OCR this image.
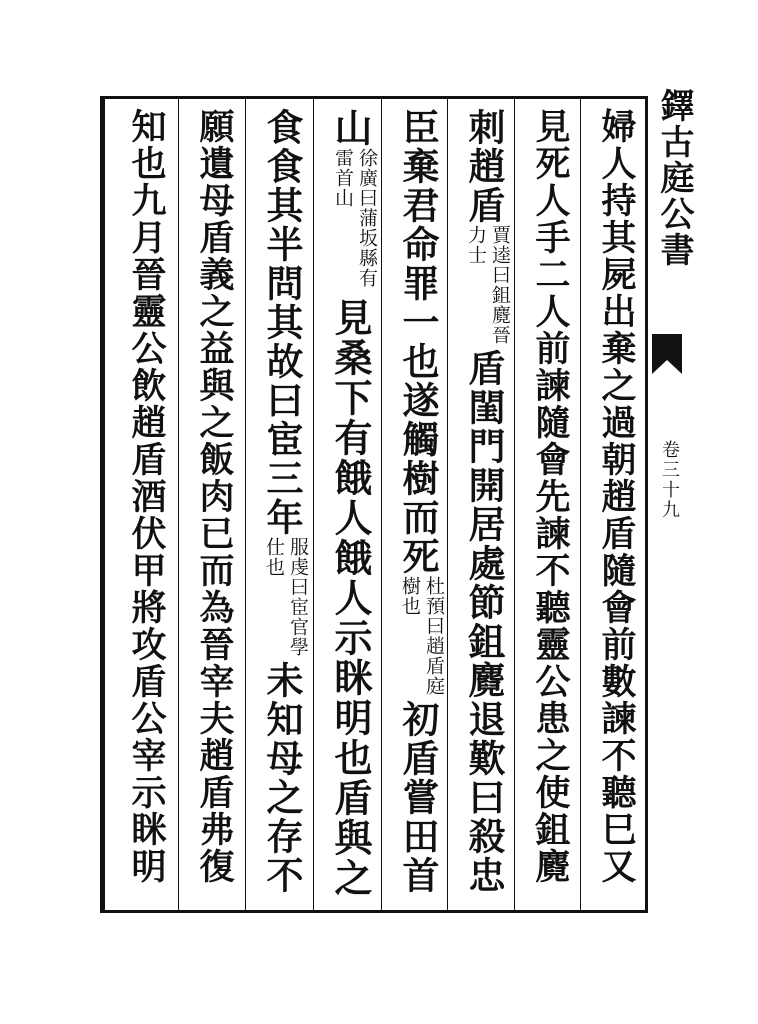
鐸古庭公書
卷三十九
婦人持其屍出棄之過朝趙盾隨會前數諫不聽巳又
見死人手二人前諫隨會先諫不聽靈公患之使鉏麑
刺趙盾賈逵曰鉏麑晉力士盾閨門開居處節鉏麑退歎曰殺忠
臣棄君命罪一也遂觸樹而死杜預曰趙盾庭樹也初盾嘗田首
山徐廣曰蒲坂縣有雷首山見桑下有餓人餓人示眯明也盾與之
食食其半問其故曰宦三年服虔曰宦官學仕也未知母之存不
願遺母盾義之益與之飯肉已而為晉宰夫趙盾弗復
知也九月晉靈公飲趙盾酒伏甲將攻盾公宰示眯明
